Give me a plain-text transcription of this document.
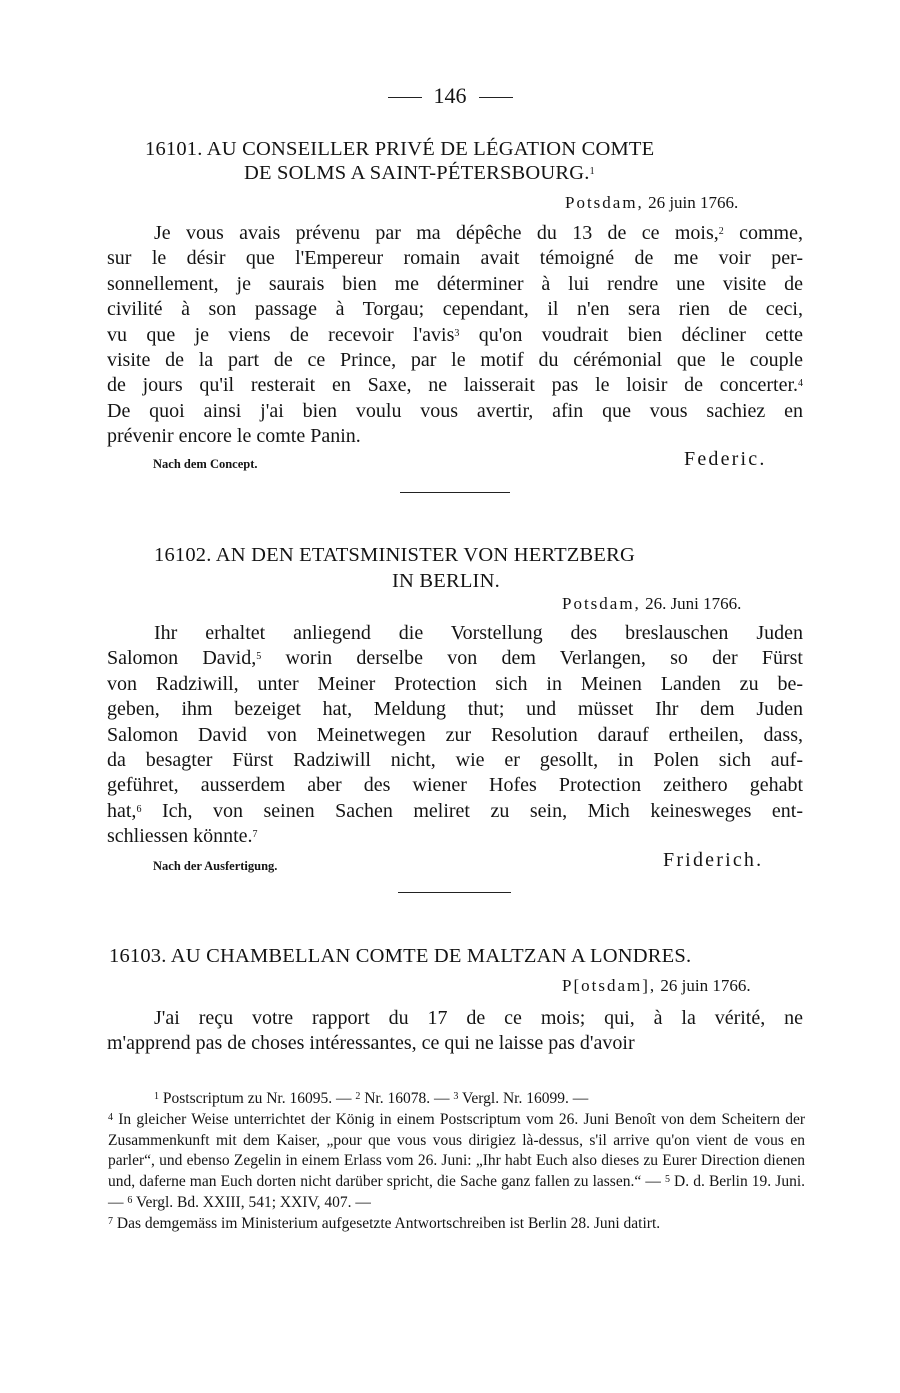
146
16101. AU CONSEILLER PRIVÉ DE LÉGATION COMTE
DE SOLMS A SAINT-PÉTERSBOURG.$^1$
Potsdam, 26 juin 1766.
Je vous avais prévenu par ma dépêche du 13 de ce mois,$^2$ comme,
sur le désir que l'Empereur romain avait témoigné de me voir per-
sonnellement, je saurais bien me déterminer à lui rendre une visite de
civilité à son passage à Torgau; cependant, il n'en sera rien de ceci,
vu que je viens de recevoir l'avis$^3$ qu'on voudrait bien décliner cette
visite de la part de ce Prince, par le motif du cérémonial que le couple
de jours qu'il resterait en Saxe, ne laisserait pas le loisir de concerter.$^4$
De quoi ainsi j'ai bien voulu vous avertir, afin que vous sachiez en
prévenir encore le comte Panin.
Nach dem Concept.	Federic.
16102. AN DEN ETATSMINISTER VON HERTZBERG
IN BERLIN.
Potsdam, 26. Juni 1766.
Ihr erhaltet anliegend die Vorstellung des breslauschen Juden
Salomon David,$^5$ worin derselbe von dem Verlangen, so der Fürst
von Radziwill, unter Meiner Protection sich in Meinen Landen zu be-
geben, ihm bezeiget hat, Meldung thut; und müsset Ihr dem Juden
Salomon David von Meinetwegen zur Resolution darauf ertheilen, dass,
da besagter Fürst Radziwill nicht, wie er gesollt, in Polen sich auf-
geführet, ausserdem aber des wiener Hofes Protection zeithero gehabt
hat,$^6$ Ich, von seinen Sachen meliret zu sein, Mich keinesweges ent-
schliessen könnte.$^7$
Nach der Ausfertigung.	Friderich.
16103. AU CHAMBELLAN COMTE DE MALTZAN A LONDRES.
P[otsdam], 26 juin 1766.
J'ai reçu votre rapport du 17 de ce mois; qui, à la vérité, ne
m'apprend pas de choses intéressantes, ce qui ne laisse pas d'avoir

$^1$ Postscriptum zu Nr. 16095. — $^2$ Nr. 16078. — $^3$ Vergl. Nr. 16099. —

$^4$ In gleicher Weise unterrichtet der König in einem Postscriptum vom 26. Juni Benoît von dem Scheitern der Zusammenkunft mit dem Kaiser, „pour que vous vous dirigiez là-dessus, s'il arrive qu'on vient de vous en parler“, und ebenso Zegelin in einem Erlass vom 26. Juni: „Ihr habt Euch also dieses zu Eurer Direction dienen und, daferne man Euch dorten nicht darüber spricht, die Sache ganz fallen zu lassen.“ — $^5$ D. d. Berlin 19. Juni. — $^6$ Vergl. Bd. XXIII, 541; XXIV, 407. —

$^7$ Das demgemäss im Ministerium aufgesetzte Antwortschreiben ist Berlin 28. Juni datirt.
